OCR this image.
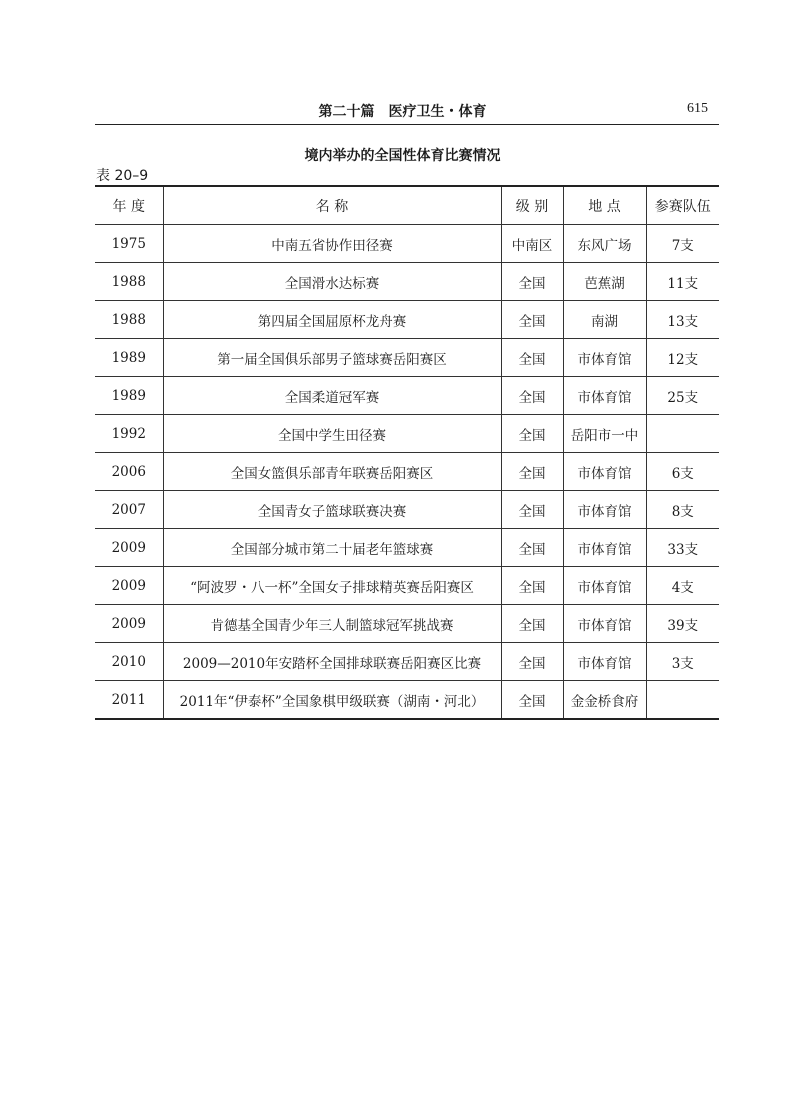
第二十篇　医疗卫生・体育	615
境内举办的全国性体育比赛情况
表 20–9
年 度	名 称	级 别	地 点	参赛队伍
1975	中南五省协作田径赛	中南区	东风广场	7支
1988	全国滑水达标赛	全国	芭蕉湖	11支
1988	第四届全国屈原杯龙舟赛	全国	南湖	13支
1989	第一届全国俱乐部男子篮球赛岳阳赛区	全国	市体育馆	12支
1989	全国柔道冠军赛	全国	市体育馆	25支
1992	全国中学生田径赛	全国	岳阳市一中	
2006	全国女篮俱乐部青年联赛岳阳赛区	全国	市体育馆	6支
2007	全国青女子篮球联赛决赛	全国	市体育馆	8支
2009	全国部分城市第二十届老年篮球赛	全国	市体育馆	33支
2009	“阿波罗・八一杯”全国女子排球精英赛岳阳赛区	全国	市体育馆	4支
2009	肯德基全国青少年三人制篮球冠军挑战赛	全国	市体育馆	39支
2010	2009—2010年安踏杯全国排球联赛岳阳赛区比赛	全国	市体育馆	3支
2011	2011年“伊泰杯”全国象棋甲级联赛（湖南・河北）	全国	金金桥食府	
